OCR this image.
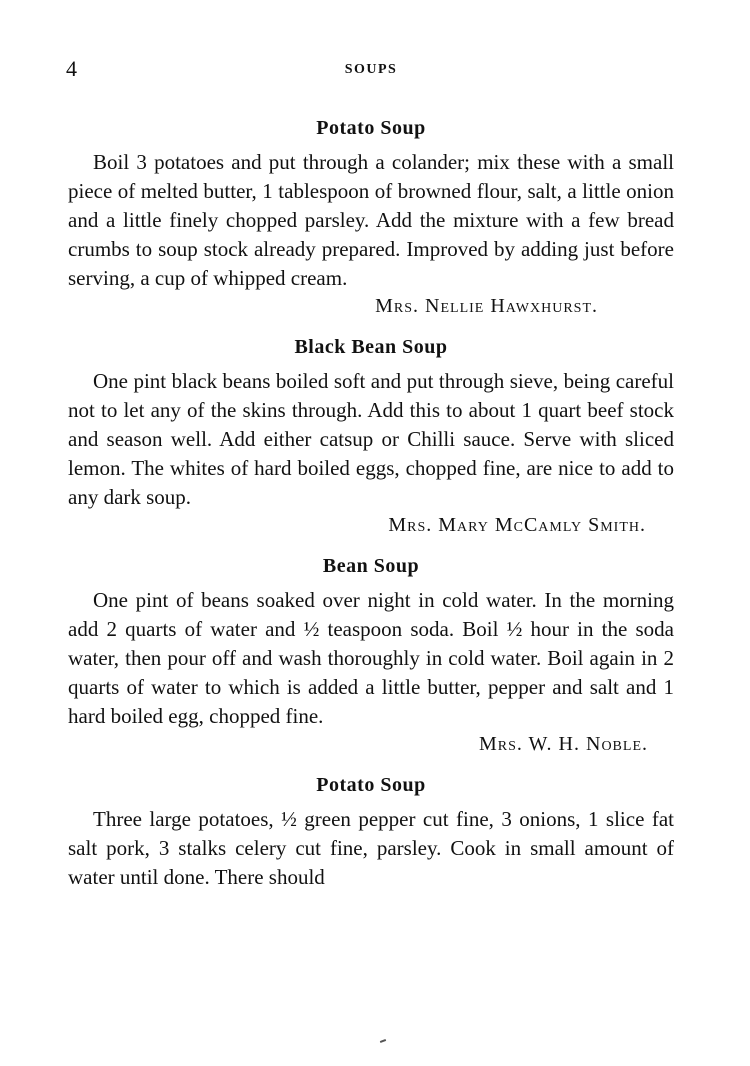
4	SOUPS
Potato Soup

Boil 3 potatoes and put through a colander; mix these with a small piece of melted butter, 1 tablespoon of browned flour, salt, a little onion and a little finely chopped parsley. Add the mixture with a few bread crumbs to soup stock already prepared. Improved by adding just before serving, a cup of whipped cream.

Mrs. Nellie Hawxhurst.

Black Bean Soup

One pint black beans boiled soft and put through sieve, being careful not to let any of the skins through. Add this to about 1 quart beef stock and season well. Add either catsup or Chilli sauce. Serve with sliced lemon. The whites of hard boiled eggs, chopped fine, are nice to add to any dark soup.

Mrs. Mary McCamly Smith.

Bean Soup

One pint of beans soaked over night in cold water. In the morning add 2 quarts of water and ½ teaspoon soda. Boil ½ hour in the soda water, then pour off and wash thoroughly in cold water. Boil again in 2 quarts of water to which is added a little butter, pepper and salt and 1 hard boiled egg, chopped fine.

Mrs. W. H. Noble.

Potato Soup

Three large potatoes, ½ green pepper cut fine, 3 onions, 1 slice fat salt pork, 3 stalks celery cut fine, parsley. Cook in small amount of water until done. There should
